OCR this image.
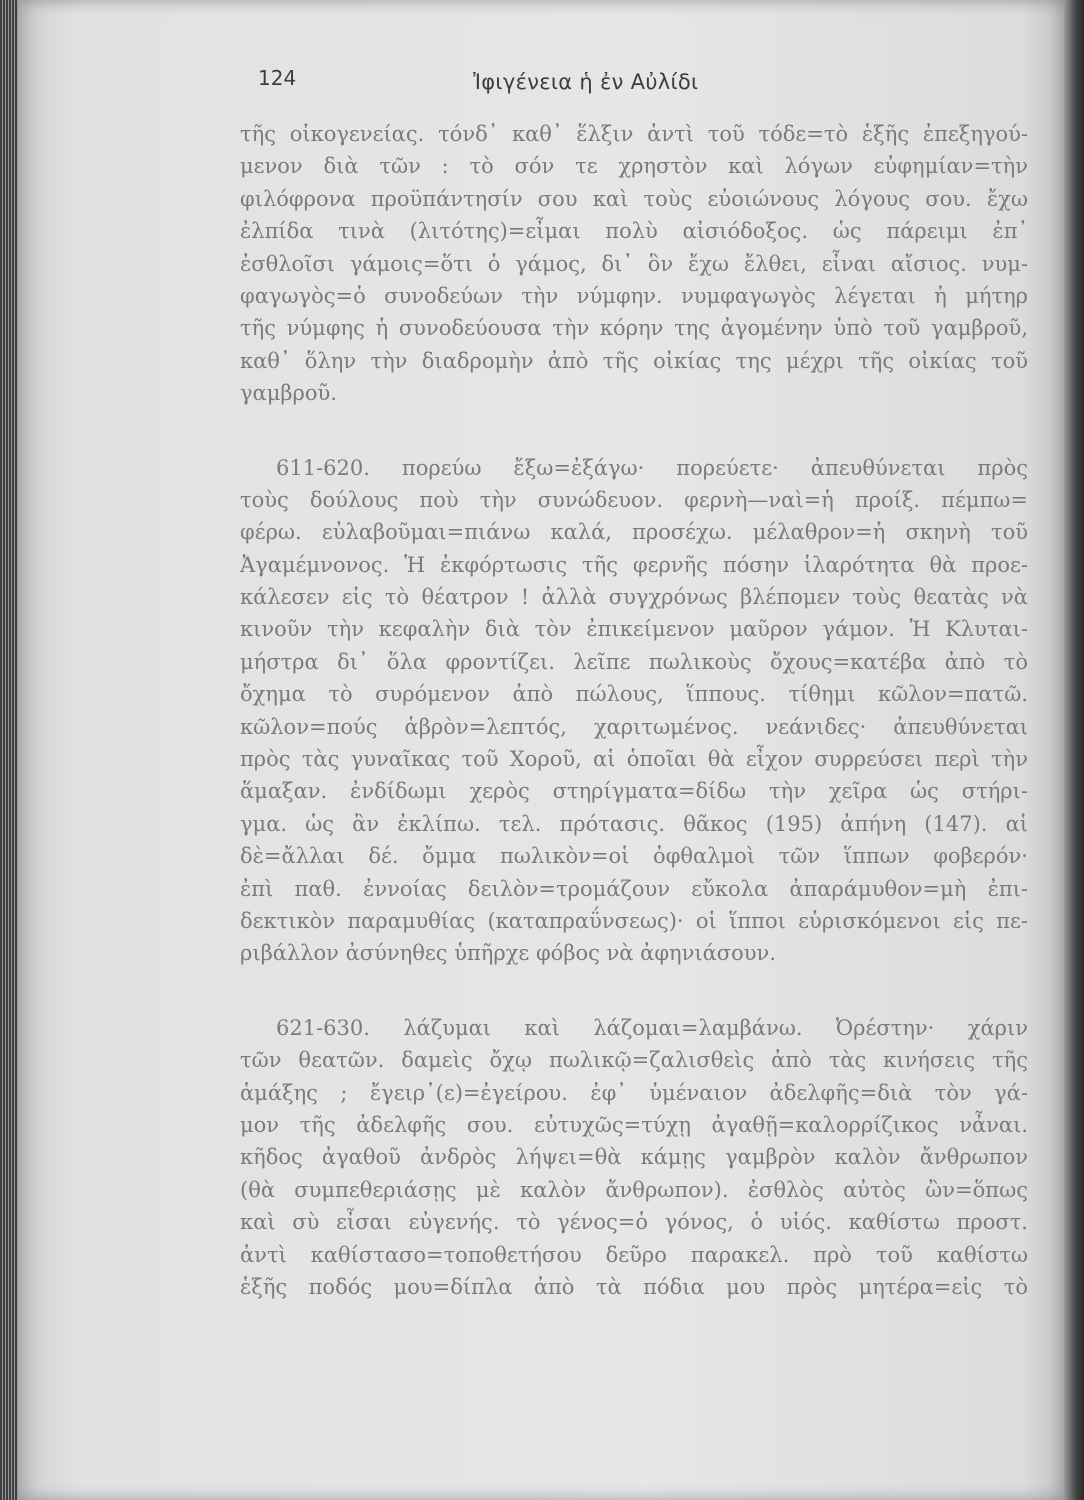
124	Ἰφιγένεια ἡ ἐν Αὐλίδι
τῆς οἰκογενείας. τόνδ᾽ καθ᾽ ἕλξιν ἀντὶ τοῦ τόδε=τὸ ἑξῆς ἐπεξηγού-
μενον διὰ τῶν : τὸ σόν τε χρηστὸν καὶ λόγων εὐφημίαν=τὴν
φιλόφρονα προϋπάντησίν σου καὶ τοὺς εὐοιώνους λόγους σου. ἔχω
ἐλπίδα τινὰ (λιτότης)=εἶμαι πολὺ αἰσιόδοξος. ὡς πάρειμι ἐπ᾽
ἐσθλοῖσι γάμοις=ὅτι ὁ γάμος, δι᾽ ὃν ἔχω ἔλθει, εἶναι αἴσιος. νυμ-
φαγωγὸς=ὁ συνοδεύων τὴν νύμφην. νυμφαγωγὸς λέγεται ἡ μήτηρ
τῆς νύμφης ἡ συνοδεύουσα τὴν κόρην της ἀγομένην ὑπὸ τοῦ γαμβροῦ,
καθ᾽ ὅλην τὴν διαδρομὴν ἀπὸ τῆς οἰκίας της μέχρι τῆς οἰκίας τοῦ
γαμβροῦ.
611-620. πορεύω ἔξω=ἐξάγω· πορεύετε· ἀπευθύνεται πρὸς
τοὺς δούλους ποὺ τὴν συνώδευον. φερνὴ—ναὶ=ἡ προίξ. πέμπω=
φέρω. εὐλαβοῦμαι=πιάνω καλά, προσέχω. μέλαθρον=ἡ σκηνὴ τοῦ
Ἀγαμέμνονος. Ἡ ἐκφόρτωσις τῆς φερνῆς πόσην ἱλαρότητα θὰ προε-
κάλεσεν εἰς τὸ θέατρον ! ἀλλὰ συγχρόνως βλέπομεν τοὺς θεατὰς νὰ
κινοῦν τὴν κεφαλὴν διὰ τὸν ἐπικείμενον μαῦρον γάμον. Ἡ Κλυται-
μήστρα δι᾽ ὅλα φροντίζει. λεῖπε πωλικοὺς ὄχους=κατέβα ἀπὸ τὸ
ὄχημα τὸ συρόμενον ἀπὸ πώλους, ἵππους. τίθημι κῶλον=πατῶ.
κῶλον=πούς ἁβρὸν=λεπτός, χαριτωμένος. νεάνιδες· ἀπευθύνεται
πρὸς τὰς γυναῖκας τοῦ Χοροῦ, αἱ ὁποῖαι θὰ εἶχον συρρεύσει περὶ τὴν
ἅμαξαν. ἐνδίδωμι χερὸς στηρίγματα=δίδω τὴν χεῖρα ὡς στήρι-
γμα. ὡς ἂν ἐκλίπω. τελ. πρότασις. θᾶκος (195) ἀπήνη (147). αἱ
δὲ=ἄλλαι δέ. ὄμμα πωλικὸν=οἱ ὀφθαλμοὶ τῶν ἵππων φοβερόν·
ἐπὶ παθ. ἐννοίας δειλὸν=τρομάζουν εὔκολα ἀπαράμυθον=μὴ ἐπι-
δεκτικὸν παραμυθίας (καταπραΰνσεως)· οἱ ἵπποι εὑρισκόμενοι εἰς πε-
ριβάλλον ἀσύνηθες ὑπῆρχε φόβος νὰ ἀφηνιάσουν.
621-630. λάζυμαι καὶ λάζομαι=λαμβάνω. Ὀρέστην· χάριν
τῶν θεατῶν. δαμεὶς ὄχῳ πωλικῷ=ζαλισθεὶς ἀπὸ τὰς κινήσεις τῆς
ἁμάξης ; ἔγειρ᾽(ε)=ἐγείρου. ἐφ᾽ ὑμέναιον ἀδελφῆς=διὰ τὸν γά-
μον τῆς ἀδελφῆς σου. εὐτυχῶς=τύχῃ ἀγαθῇ=καλορρίζικος νἆναι.
κῆδος ἀγαθοῦ ἀνδρὸς λήψει=θὰ κάμῃς γαμβρὸν καλὸν ἄνθρωπον
(θὰ συμπεθεριάσῃς μὲ καλὸν ἄνθρωπον). ἐσθλὸς αὐτὸς ὢν=ὅπως
καὶ σὺ εἶσαι εὐγενής. τὸ γένος=ὁ γόνος, ὁ υἱός. καθίστω προστ.
ἀντὶ καθίστασο=τοποθετήσου δεῦρο παρακελ. πρὸ τοῦ καθίστω
ἑξῆς ποδός μου=δίπλα ἀπὸ τὰ πόδια μου πρὸς μητέρα=εἰς τὸ
